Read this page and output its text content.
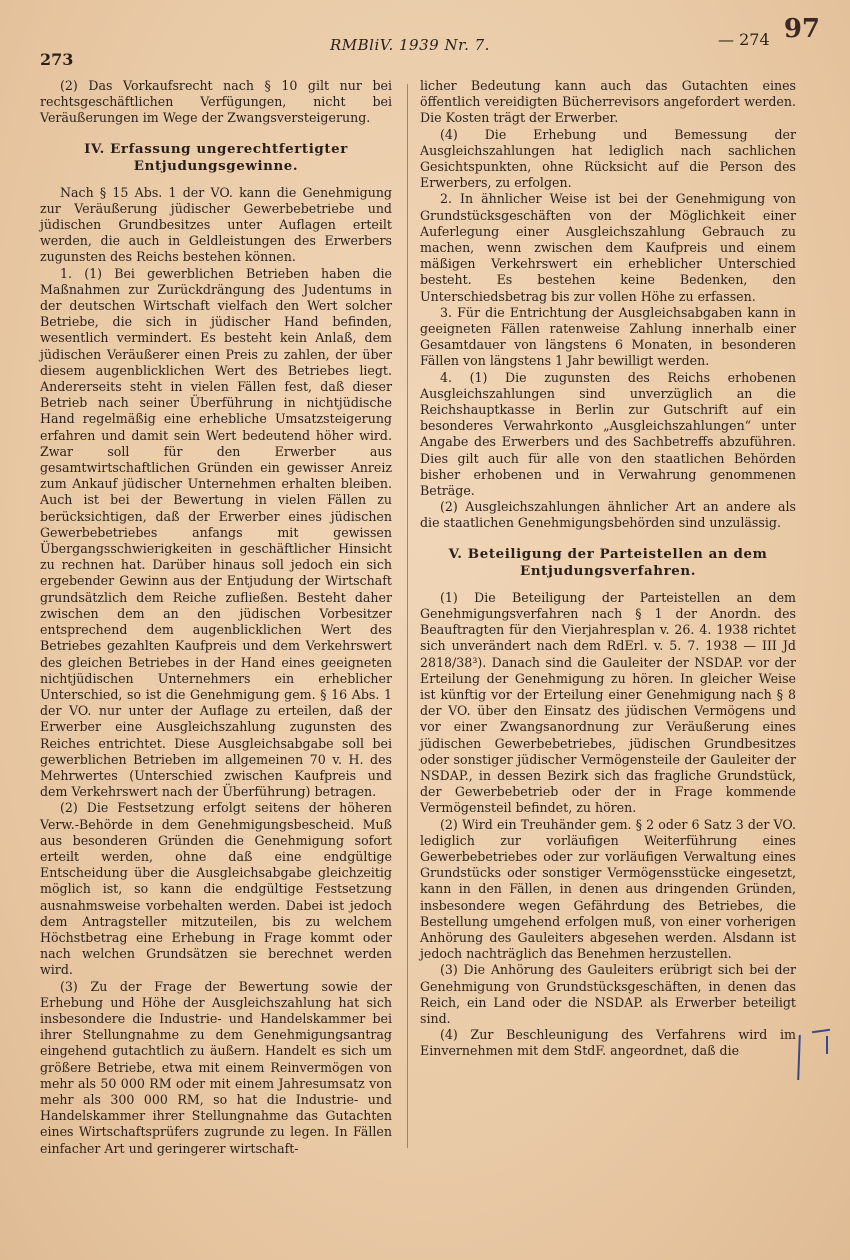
273
RMBliV. 1939 Nr. 7.	— 274 97

(2) Das Vorkaufsrecht nach § 10 gilt nur bei rechtsgeschäftlichen Verfügungen, nicht bei Veräußerungen im Wege der Zwangsversteigerung.

IV. Erfassung ungerechtfertigter Entjudungsgewinne.

Nach § 15 Abs. 1 der VO. kann die Genehmigung zur Veräußerung jüdischer Gewerbebetriebe und jüdischen Grundbesitzes unter Auflagen erteilt werden, die auch in Geldleistungen des Erwerbers zugunsten des Reichs bestehen können.

1. (1) Bei gewerblichen Betrieben haben die Maßnahmen zur Zurückdrängung des Judentums in der deutschen Wirtschaft vielfach den Wert solcher Betriebe, die sich in jüdischer Hand befinden, wesentlich vermindert. Es besteht kein Anlaß, dem jüdischen Veräußerer einen Preis zu zahlen, der über diesem augenblicklichen Wert des Betriebes liegt. Andererseits steht in vielen Fällen fest, daß dieser Betrieb nach seiner Überführung in nichtjüdische Hand regelmäßig eine erhebliche Umsatzsteigerung erfahren und damit sein Wert bedeutend höher wird. Zwar soll für den Erwerber aus gesamtwirtschaftlichen Gründen ein gewisser Anreiz zum Ankauf jüdischer Unternehmen erhalten bleiben. Auch ist bei der Bewertung in vielen Fällen zu berücksichtigen, daß der Erwerber eines jüdischen Gewerbebetriebes anfangs mit gewissen Übergangsschwierigkeiten in geschäftlicher Hinsicht zu rechnen hat. Darüber hinaus soll jedoch ein sich ergebender Gewinn aus der Entjudung der Wirtschaft grundsätzlich dem Reiche zufließen. Besteht daher zwischen dem an den jüdischen Vorbesitzer entsprechend dem augenblicklichen Wert des Betriebes gezahlten Kaufpreis und dem Verkehrswert des gleichen Betriebes in der Hand eines geeigneten nichtjüdischen Unternehmers ein erheblicher Unterschied, so ist die Genehmigung gem. § 16 Abs. 1 der VO. nur unter der Auflage zu erteilen, daß der Erwerber eine Ausgleichszahlung zugunsten des Reiches entrichtet. Diese Ausgleichsabgabe soll bei gewerblichen Betrieben im allgemeinen 70 v. H. des Mehrwertes (Unterschied zwischen Kaufpreis und dem Verkehrswert nach der Überführung) betragen.

(2) Die Festsetzung erfolgt seitens der höheren Verw.-Behörde in dem Genehmigungsbescheid. Muß aus besonderen Gründen die Genehmigung sofort erteilt werden, ohne daß eine endgültige Entscheidung über die Ausgleichsabgabe gleichzeitig möglich ist, so kann die endgültige Festsetzung ausnahmsweise vorbehalten werden. Dabei ist jedoch dem Antragsteller mitzuteilen, bis zu welchem Höchstbetrag eine Erhebung in Frage kommt oder nach welchen Grundsätzen sie berechnet werden wird.

(3) Zu der Frage der Bewertung sowie der Erhebung und Höhe der Ausgleichszahlung hat sich insbesondere die Industrie- und Handelskammer bei ihrer Stellungnahme zu dem Genehmigungsantrag eingehend gutachtlich zu äußern. Handelt es sich um größere Betriebe, etwa mit einem Reinvermögen von mehr als 50 000 RM oder mit einem Jahresumsatz von mehr als 300 000 RM, so hat die Industrie- und Handelskammer ihrer Stellungnahme das Gutachten eines Wirtschaftsprüfers zugrunde zu legen. In Fällen einfacher Art und geringerer wirtschaft-

licher Bedeutung kann auch das Gutachten eines öffentlich vereidigten Bücherrevisors angefordert werden. Die Kosten trägt der Erwerber.

(4) Die Erhebung und Bemessung der Ausgleichszahlungen hat lediglich nach sachlichen Gesichtspunkten, ohne Rücksicht auf die Person des Erwerbers, zu erfolgen.

2. In ähnlicher Weise ist bei der Genehmigung von Grundstücksgeschäften von der Möglichkeit einer Auferlegung einer Ausgleichszahlung Gebrauch zu machen, wenn zwischen dem Kaufpreis und einem mäßigen Verkehrswert ein erheblicher Unterschied besteht. Es bestehen keine Bedenken, den Unterschiedsbetrag bis zur vollen Höhe zu erfassen.

3. Für die Entrichtung der Ausgleichsabgaben kann in geeigneten Fällen ratenweise Zahlung innerhalb einer Gesamtdauer von längstens 6 Monaten, in besonderen Fällen von längstens 1 Jahr bewilligt werden.

4. (1) Die zugunsten des Reichs erhobenen Ausgleichszahlungen sind unverzüglich an die Reichshauptkasse in Berlin zur Gutschrift auf ein besonderes Verwahrkonto „Ausgleichszahlungen“ unter Angabe des Erwerbers und des Sachbetreffs abzuführen. Dies gilt auch für alle von den staatlichen Behörden bisher erhobenen und in Verwahrung genommenen Beträge.

(2) Ausgleichszahlungen ähnlicher Art an andere als die staatlichen Genehmigungsbehörden sind unzulässig.

V. Beteiligung der Parteistellen an dem Entjudungsverfahren.

(1) Die Beteiligung der Parteistellen an dem Genehmigungsverfahren nach § 1 der Anordn. des Beauftragten für den Vierjahresplan v. 26. 4. 1938 richtet sich unverändert nach dem RdErl. v. 5. 7. 1938 — III Jd 2818/38³). Danach sind die Gauleiter der NSDAP. vor der Erteilung der Genehmigung zu hören. In gleicher Weise ist künftig vor der Erteilung einer Genehmigung nach § 8 der VO. über den Einsatz des jüdischen Vermögens und vor einer Zwangsanordnung zur Veräußerung eines jüdischen Gewerbebetriebes, jüdischen Grundbesitzes oder sonstiger jüdischer Vermögensteile der Gauleiter der NSDAP., in dessen Bezirk sich das fragliche Grundstück, der Gewerbebetrieb oder der in Frage kommende Vermögensteil befindet, zu hören.

(2) Wird ein Treuhänder gem. § 2 oder 6 Satz 3 der VO. lediglich zur vorläufigen Weiterführung eines Gewerbebetriebes oder zur vorläufigen Verwaltung eines Grundstücks oder sonstiger Vermögensstücke eingesetzt, kann in den Fällen, in denen aus dringenden Gründen, insbesondere wegen Gefährdung des Betriebes, die Bestellung umgehend erfolgen muß, von einer vorherigen Anhörung des Gauleiters abgesehen werden. Alsdann ist jedoch nachträglich das Benehmen herzustellen.

(3) Die Anhörung des Gauleiters erübrigt sich bei der Genehmigung von Grundstücksgeschäften, in denen das Reich, ein Land oder die NSDAP. als Erwerber beteiligt sind.

(4) Zur Beschleunigung des Verfahrens wird im Einvernehmen mit dem StdF. angeordnet, daß die
